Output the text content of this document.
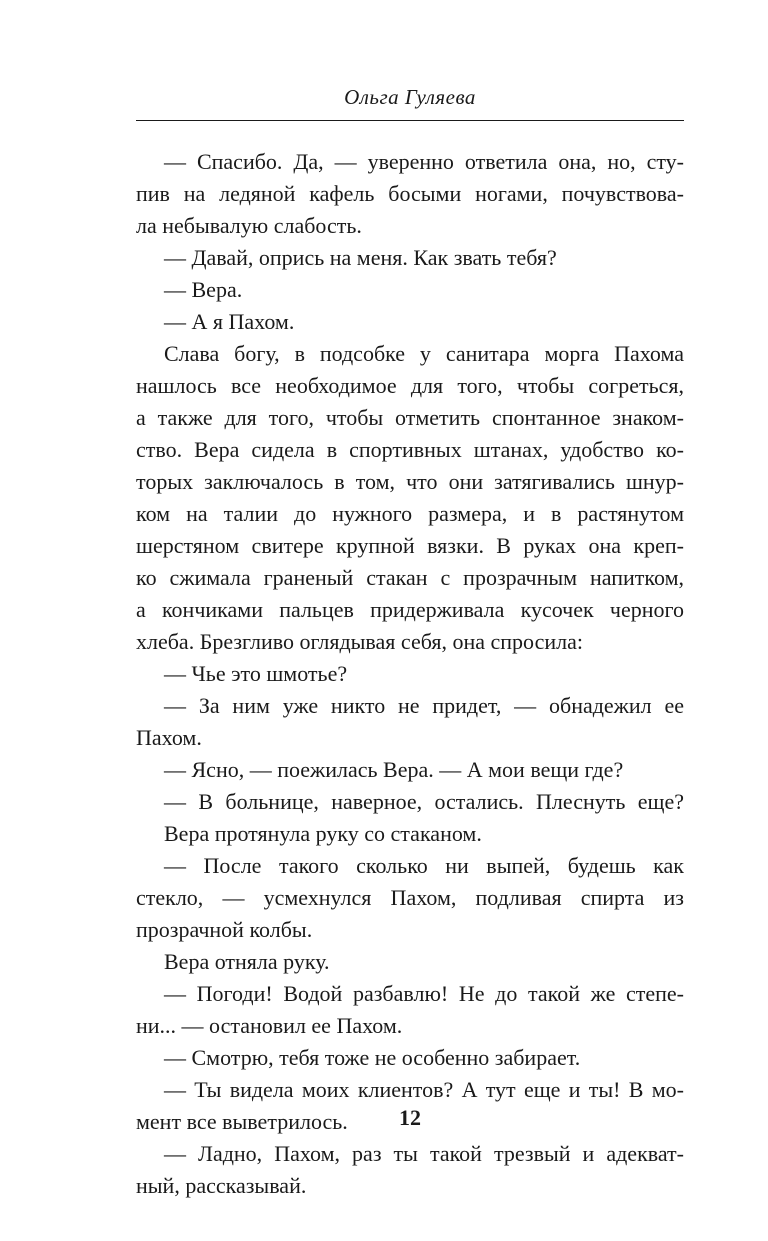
Ольга Гуляева
— Спасибо. Да, — уверенно ответила она, но, сту-
пив на ледяной кафель босыми ногами, почувствова-
ла небывалую слабость.
— Давай, опрись на меня. Как звать тебя?
— Вера.
— А я Пахом.
Слава богу, в подсобке у санитара морга Пахома
нашлось все необходимое для того, чтобы согреться,
а также для того, чтобы отметить спонтанное знаком-
ство. Вера сидела в спортивных штанах, удобство ко-
торых заключалось в том, что они затягивались шнур-
ком на талии до нужного размера, и в растянутом
шерстяном свитере крупной вязки. В руках она креп-
ко сжимала граненый стакан с прозрачным напитком,
а кончиками пальцев придерживала кусочек черного
хлеба. Брезгливо оглядывая себя, она спросила:
— Чье это шмотье?
— За ним уже никто не придет, — обнадежил ее
Пахом.
— Ясно, — поежилась Вера. — А мои вещи где?
— В больнице, наверное, остались. Плеснуть еще?
Вера протянула руку со стаканом.
— После такого сколько ни выпей, будешь как
стекло, — усмехнулся Пахом, подливая спирта из
прозрачной колбы.
Вера отняла руку.
— Погоди! Водой разбавлю! Не до такой же степе-
ни... — остановил ее Пахом.
— Смотрю, тебя тоже не особенно забирает.
— Ты видела моих клиентов? А тут еще и ты! В мо-
мент все выветрилось.
— Ладно, Пахом, раз ты такой трезвый и адекват-
ный, рассказывай.
12
